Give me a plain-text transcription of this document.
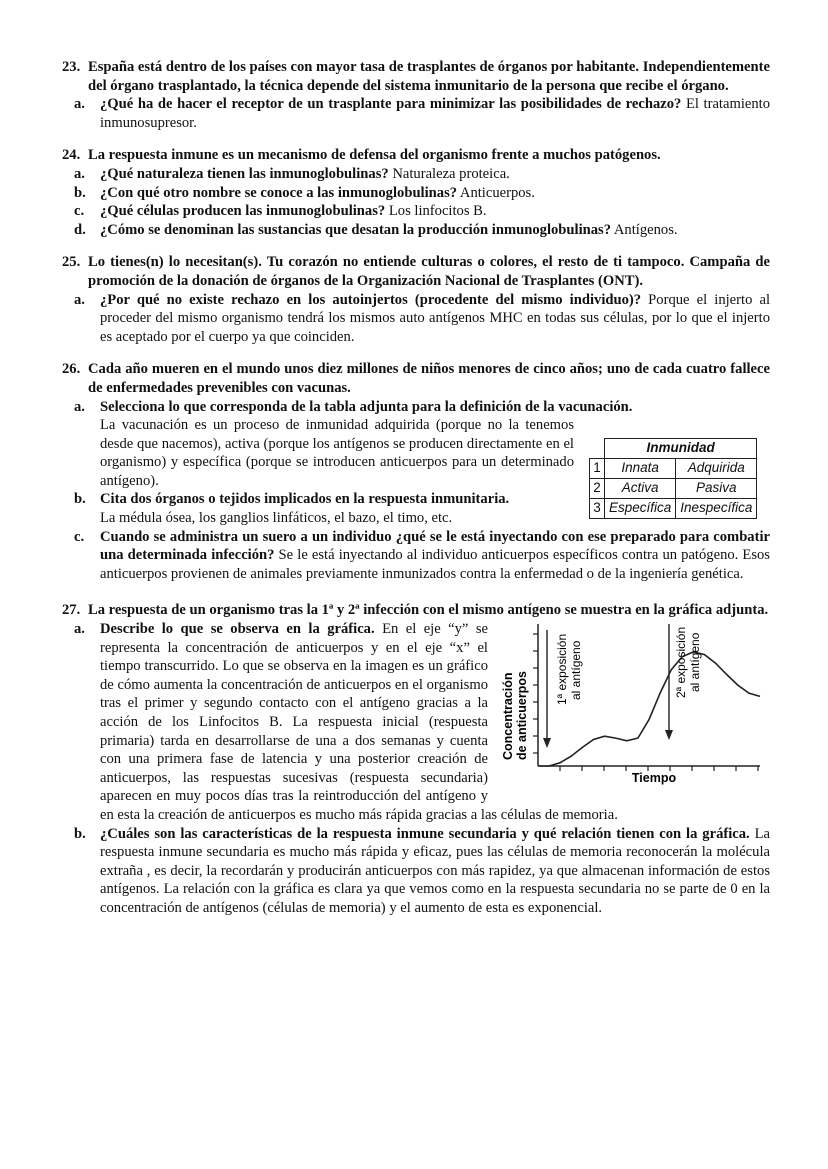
23. España está dentro de los países con mayor tasa de trasplantes de órganos por habitante. Independientemente del órgano trasplantado, la técnica depende del sistema inmunitario de la persona que recibe el órgano.
a.	¿Qué ha de hacer el receptor de un trasplante para minimizar las posibilidades de rechazo? El tratamiento inmunosupresor.
24. La respuesta inmune es un mecanismo de defensa del organismo frente a muchos patógenos.
a.	¿Qué naturaleza tienen las inmunoglobulinas? Naturaleza proteica.
b. ¿Con qué otro nombre se conoce a las inmunoglobulinas? Anticuerpos.
c.	¿Qué células producen las inmunoglobulinas? Los linfocitos B.
d. ¿Cómo se denominan las sustancias que desatan la producción inmunoglobulinas? Antígenos.
25. Lo tienes(n) lo necesitan(s). Tu corazón no entiende culturas o colores, el resto de ti tampoco. Campaña de promoción de la donación de órganos de la Organización Nacional de Trasplantes (ONT).
a.	¿Por qué no existe rechazo en los autoinjertos (procedente del mismo individuo)? Porque el injerto al proceder del mismo organismo tendrá los mismos auto antígenos MHC en todas sus células, por lo que el injerto es aceptado por el cuerpo ya que coinciden.
26. Cada año mueren en el mundo unos diez millones de niños menores de cinco años; uno de cada cuatro fallece de enfermedades prevenibles con vacunas.
a.	Selecciona lo que corresponda de la tabla adjunta para la definición de la vacunación.

La vacunación es un proceso de inmunidad adquirida (porque no la tenemos desde que nacemos), activa (porque los antígenos se producen directamente en el organismo) y específica (porque se introducen anticuerpos para un determinado antígeno).
b. Cita dos órganos o tejidos implicados en la respuesta inmunitaria.
La médula ósea, los ganglios linfáticos, el bazo, el timo, etc.
	Inmunidad	
1	Innata	Adquirida
2	Activa	Pasiva
3	Específica	Inespecífica
c.	Cuando se administra un suero a un individuo ¿qué se le está inyectando con ese preparado para combatir una determinada infección? Se le está inyectando al individuo anticuerpos específicos contra un patógeno. Esos anticuerpos provienen de animales previamente inmunizados contra la enfermedad o de la ingeniería genética.
27. La respuesta de un organismo tras la 1ª y 2ª infección con el mismo antígeno se muestra en la gráfica adjunta.
a.	Describe lo que se observa en la gráfica. En el eje “y” se representa la concentración de anticuerpos y en el eje “x” el tiempo transcurrido. Lo que se observa en la imagen es un gráfico de cómo aumenta la concentración de anticuerpos en el organismo tras el primer y segundo contacto con el antígeno gracias a la acción de los Linfocitos B. La respuesta inicial (respuesta primaria) tarda en desarrollarse de una a dos semanas y cuenta con una primera fase de latencia y una posterior creación de anticuerpos, las respuestas sucesivas (respuesta secundaria) aparecen en muy pocos días tras la reintroducción del antígeno y en esta la creación de anticuerpos es mucho más rápida gracias a las células de memoria.
Concentración de anticuerpos
1ª exposición al antígeno	2ª exposición al antígeno
Tiempo
b. ¿Cuáles son las características de la respuesta inmune secundaria y qué relación tienen con la gráfica. La respuesta inmune secundaria es mucho más rápida y eficaz, pues las células de memoria reconocerán la molécula extraña , es decir, la recordarán y producirán anticuerpos con más rapidez, ya que almacenan información de estos antígenos. La relación con la gráfica es clara ya que vemos como en la respuesta secundaria no se parte de 0 en la concentración de antígenos (células de memoria) y el aumento de esta es exponencial.
